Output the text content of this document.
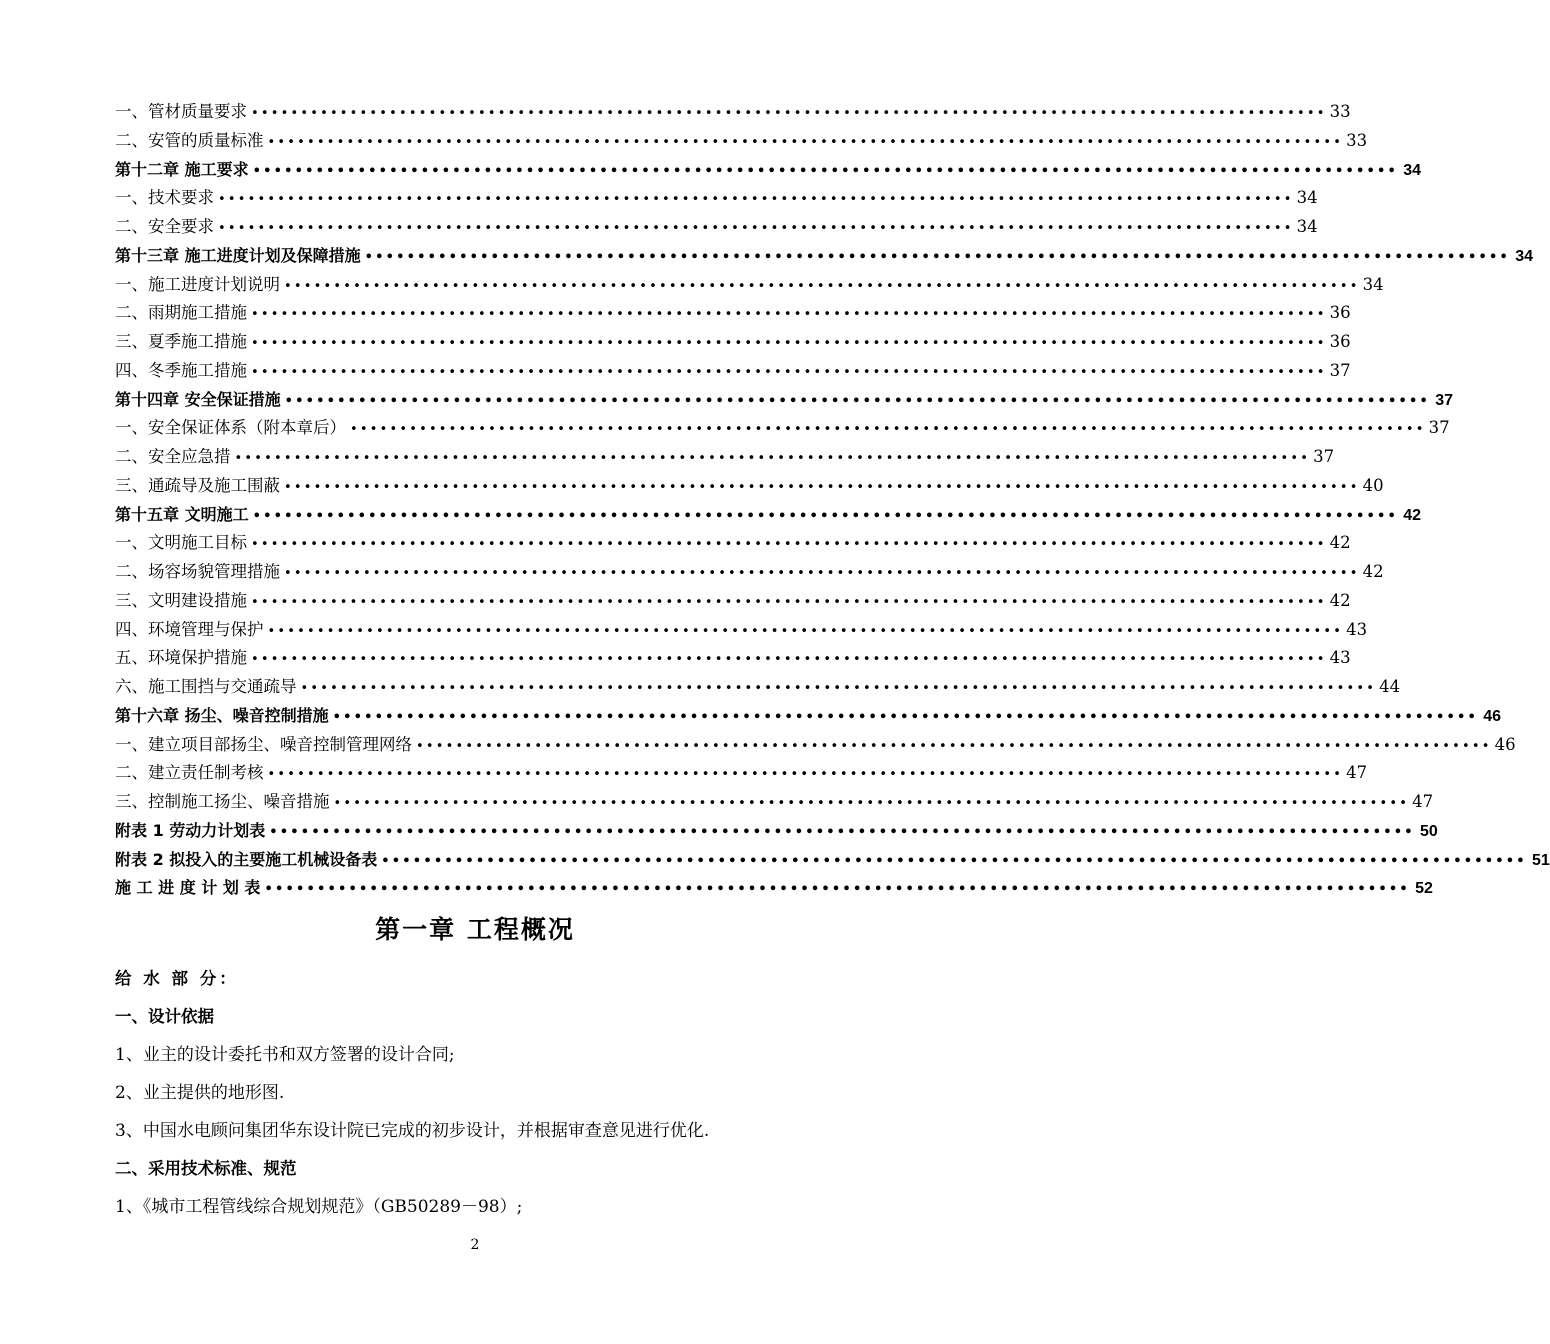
一、管材质量要求 ••••••••••••••••••••••••••••••••••••••••••••••••••••••••••••••••••••••••••••••••••••••••••••••••••••••••••••• 33
二、安管的质量标准 ••••••••••••••••••••••••••••••••••••••••••••••••••••••••••••••••••••••••••••••••••••••••••••••••••••••••••••• 33
第十二章 施工要求 ••••••••••••••••••••••••••••••••••••••••••••••••••••••••••••••••••••••••••••••••••••••••••••••••••••••••••••• 34
一、技术要求 ••••••••••••••••••••••••••••••••••••••••••••••••••••••••••••••••••••••••••••••••••••••••••••••••••••••••••••• 34
二、安全要求 ••••••••••••••••••••••••••••••••••••••••••••••••••••••••••••••••••••••••••••••••••••••••••••••••••••••••••••• 34
第十三章 施工进度计划及保障措施 ••••••••••••••••••••••••••••••••••••••••••••••••••••••••••••••••••••••••••••••••••••••••••••••••••••••••••••• 34
一、施工进度计划说明 ••••••••••••••••••••••••••••••••••••••••••••••••••••••••••••••••••••••••••••••••••••••••••••••••••••••••••••• 34
二、雨期施工措施 ••••••••••••••••••••••••••••••••••••••••••••••••••••••••••••••••••••••••••••••••••••••••••••••••••••••••••••• 36
三、夏季施工措施 ••••••••••••••••••••••••••••••••••••••••••••••••••••••••••••••••••••••••••••••••••••••••••••••••••••••••••••• 36
四、冬季施工措施 ••••••••••••••••••••••••••••••••••••••••••••••••••••••••••••••••••••••••••••••••••••••••••••••••••••••••••••• 37
第十四章 安全保证措施 ••••••••••••••••••••••••••••••••••••••••••••••••••••••••••••••••••••••••••••••••••••••••••••••••••••••••••••• 37
一、安全保证体系（附本章后） ••••••••••••••••••••••••••••••••••••••••••••••••••••••••••••••••••••••••••••••••••••••••••••••••••••••••••••• 37
二、安全应急措 ••••••••••••••••••••••••••••••••••••••••••••••••••••••••••••••••••••••••••••••••••••••••••••••••••••••••••••• 37
三、通疏导及施工围蔽 ••••••••••••••••••••••••••••••••••••••••••••••••••••••••••••••••••••••••••••••••••••••••••••••••••••••••••••• 40
第十五章 文明施工 ••••••••••••••••••••••••••••••••••••••••••••••••••••••••••••••••••••••••••••••••••••••••••••••••••••••••••••• 42
一、文明施工目标 ••••••••••••••••••••••••••••••••••••••••••••••••••••••••••••••••••••••••••••••••••••••••••••••••••••••••••••• 42
二、场容场貌管理措施 ••••••••••••••••••••••••••••••••••••••••••••••••••••••••••••••••••••••••••••••••••••••••••••••••••••••••••••• 42
三、文明建设措施 ••••••••••••••••••••••••••••••••••••••••••••••••••••••••••••••••••••••••••••••••••••••••••••••••••••••••••••• 42
四、环境管理与保护 ••••••••••••••••••••••••••••••••••••••••••••••••••••••••••••••••••••••••••••••••••••••••••••••••••••••••••••• 43
五、环境保护措施 ••••••••••••••••••••••••••••••••••••••••••••••••••••••••••••••••••••••••••••••••••••••••••••••••••••••••••••• 43
六、施工围挡与交通疏导 ••••••••••••••••••••••••••••••••••••••••••••••••••••••••••••••••••••••••••••••••••••••••••••••••••••••••••••• 44
第十六章 扬尘、噪音控制措施 ••••••••••••••••••••••••••••••••••••••••••••••••••••••••••••••••••••••••••••••••••••••••••••••••••••••••••••• 46
一、建立项目部扬尘、噪音控制管理网络 ••••••••••••••••••••••••••••••••••••••••••••••••••••••••••••••••••••••••••••••••••••••••••••••••••••••••••••• 46
二、建立责任制考核 ••••••••••••••••••••••••••••••••••••••••••••••••••••••••••••••••••••••••••••••••••••••••••••••••••••••••••••• 47
三、控制施工扬尘、噪音措施 ••••••••••••••••••••••••••••••••••••••••••••••••••••••••••••••••••••••••••••••••••••••••••••••••••••••••••••• 47
附表 1 劳动力计划表 ••••••••••••••••••••••••••••••••••••••••••••••••••••••••••••••••••••••••••••••••••••••••••••••••••••••••••••• 50
附表 2 拟投入的主要施工机械设备表 ••••••••••••••••••••••••••••••••••••••••••••••••••••••••••••••••••••••••••••••••••••••••••••••••••••••••••••• 51
施 工 进 度 计 划 表 ••••••••••••••••••••••••••••••••••••••••••••••••••••••••••••••••••••••••••••••••••••••••••••••••••••••••••••• 52
第一章 工程概况
给 水 部 分：
一、设计依据
1、业主的设计委托书和双方签署的设计合同;
2、业主提供的地形图.
3、中国水电顾问集团华东设计院已完成的初步设计，并根据审查意见进行优化.
二、采用技术标准、规范
1、《城市工程管线综合规划规范》（GB50289－98）;
2
